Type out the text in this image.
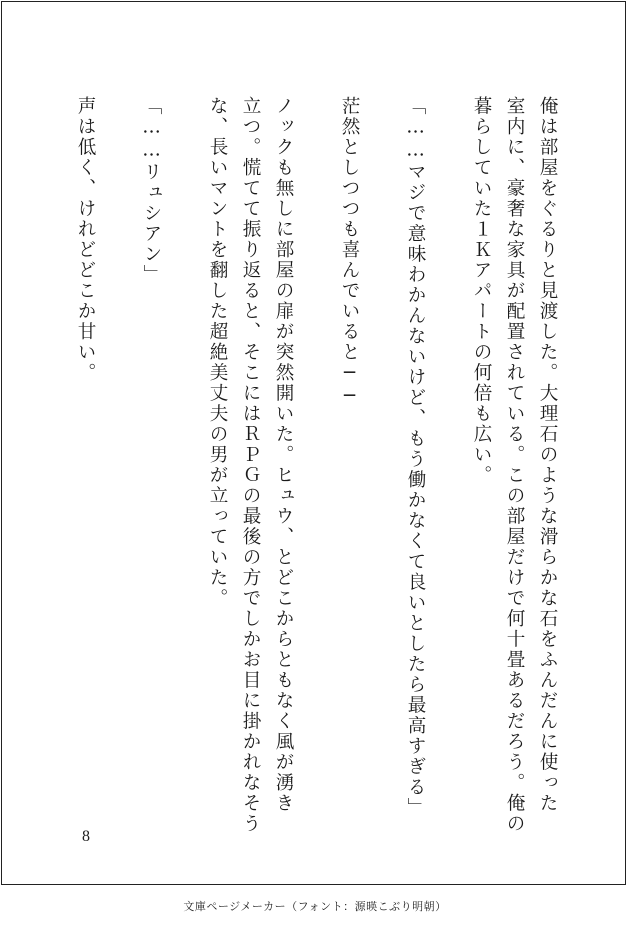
俺は部屋をぐるりと見渡した。大理石のような滑らかな石をふんだんに使った

室内に、豪奢な家具が配置されている。この部屋だけで何十畳あるだろう。俺の

暮らしていた１Ｋアパートの何倍も広い。

「……マジで意味わかんないけど、もう働かなくて良いとしたら最高すぎる」

茫然としつつも喜んでいると──

ノックも無しに部屋の扉が突然開いた。ヒュウ、とどこからともなく風が湧き

立つ。慌てて振り返ると、そこにはＲＰＧの最後の方でしかお目に掛かれなそう

な、長いマントを翻した超絶美丈夫の男が立っていた。

「……リュシアン」

声は低く、けれどどこか甘い。

8
文庫ページメーカー（フォント：源暎こぶり明朝）
